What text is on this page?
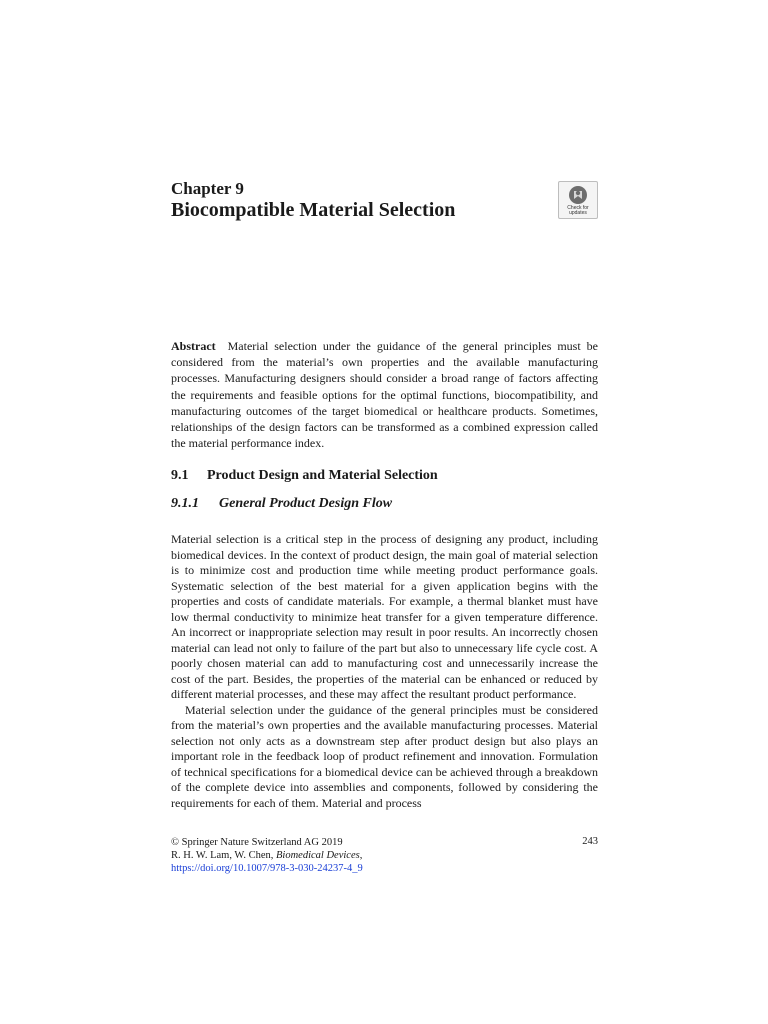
Chapter 9
Biocompatible Material Selection	Check for updates
Abstract Material selection under the guidance of the general principles must be considered from the material’s own properties and the available manufacturing processes. Manufacturing designers should consider a broad range of factors affecting the requirements and feasible options for the optimal functions, biocompatibility, and manufacturing outcomes of the target biomedical or healthcare products. Sometimes, relationships of the design factors can be transformed as a combined expression called the material performance index.
9.1 Product Design and Material Selection
9.1.1 General Product Design Flow

Material selection is a critical step in the process of designing any product, including biomedical devices. In the context of product design, the main goal of material selection is to minimize cost and production time while meeting product performance goals. Systematic selection of the best material for a given application begins with the properties and costs of candidate materials. For example, a thermal blanket must have low thermal conductivity to minimize heat transfer for a given temperature difference. An incorrect or inappropriate selection may result in poor results. An incorrectly chosen material can lead not only to failure of the part but also to unnecessary life cycle cost. A poorly chosen material can add to manufacturing cost and unnecessarily increase the cost of the part. Besides, the properties of the material can be enhanced or reduced by different material processes, and these may affect the resultant product performance.

Material selection under the guidance of the general principles must be considered from the material’s own properties and the available manufacturing processes. Material selection not only acts as a downstream step after product design but also plays an important role in the feedback loop of product refinement and innovation. Formulation of technical specifications for a biomedical device can be achieved through a breakdown of the complete device into assemblies and components, followed by considering the requirements for each of them. Material and process

© Springer Nature Switzerland AG 2019
R. H. W. Lam, W. Chen, Biomedical Devices,
https://doi.org/10.1007/978-3-030-24237-4_9
243
